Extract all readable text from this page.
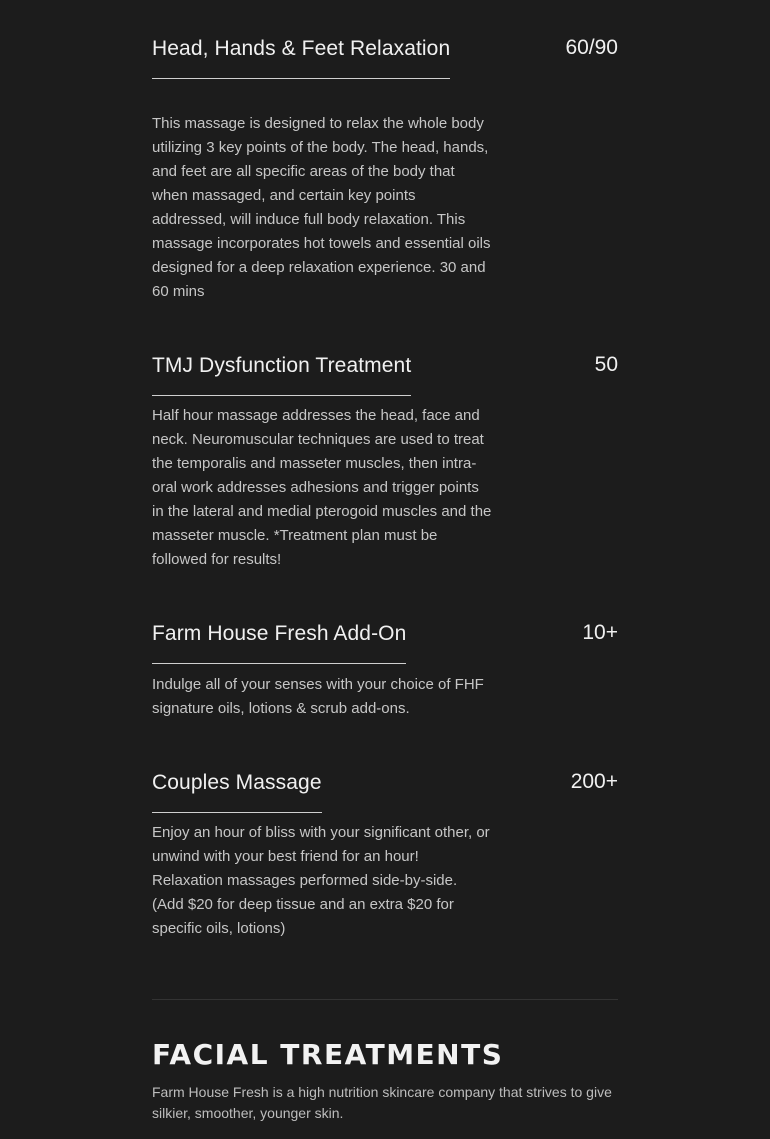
Head, Hands & Feet Relaxation	60/90

This massage is designed to relax the whole body utilizing 3 key points of the body. The head, hands, and feet are all specific areas of the body that when massaged, and certain key points addressed, will induce full body relaxation. This massage incorporates hot towels and essential oils designed for a deep relaxation experience. 30 and 60 mins

TMJ Dysfunction Treatment	50

Half hour massage addresses the head, face and neck. Neuromuscular techniques are used to treat the temporalis and masseter muscles, then intra-oral work addresses adhesions and trigger points in the lateral and medial pterogoid muscles and the masseter muscle. *Treatment plan must be followed for results!

Farm House Fresh Add-On	10+

Indulge all of your senses with your choice of FHF signature oils, lotions & scrub add-ons.

Couples Massage	200+

Enjoy an hour of bliss with your significant other, or unwind with your best friend for an hour! Relaxation massages performed side-by-side. (Add $20 for deep tissue and an extra $20 for specific oils, lotions)

FACIAL TREATMENTS

Farm House Fresh is a high nutrition skincare company that strives to give silkier, smoother, younger skin.
